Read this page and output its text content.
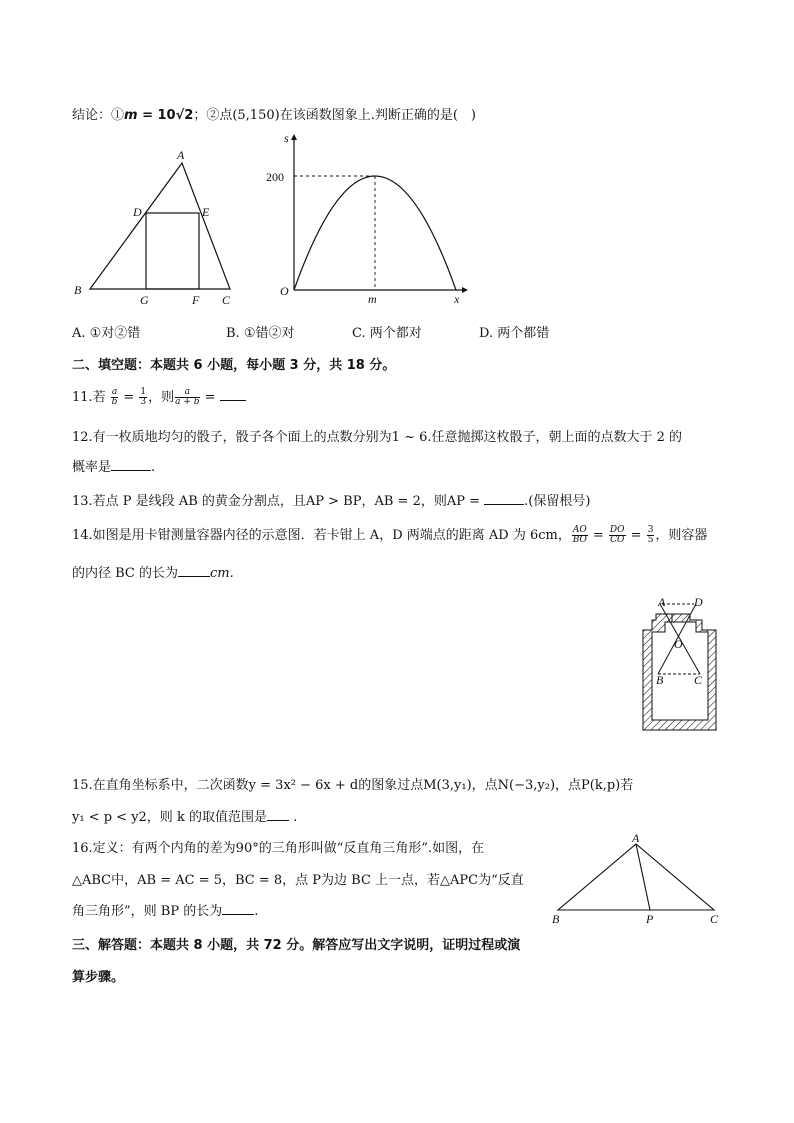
结论：①m = 10√2；②点(5,150)在该函数图象上.判断正确的是(　)
A
B
C
D	E
F
G
s
200
O
m	x
A. ①对②错	B. ①错②对	C. 两个都对	D. 两个都错
二、填空题：本题共 6 小题，每小题 3 分，共 18 分。
11.若 $\frac{a}{b} = \frac{1}{3}$ ，则 $\frac{a}{a + b}$ =
12.有一枚质地均匀的骰子，骰子各个面上的点数分别为1 ~ 6.任意抛掷这枚骰子，朝上面的点数大于 2 的
概率是	.
13.若点 P 是线段 AB 的黄金分割点，且AP > BP，AB = 2，则AP =	.(保留根号)
14.如图是用卡钳测量容器内径的示意图．若卡钳上 A，D 两端点的距离 AD 为 6cm， $\frac{AO}{BO} = \frac{DO}{CO} = \frac{3}{5}$ ，则容器
的内径 BC 的长为 cm.
A D
O
B	C
15.在直角坐标系中，二次函数y = 3x² − 6x + d的图象过点M(3,y₁)，点N(−3,y₂)，点P(k,p)若
y₁ < p < y2，则 k 的取值范围是 .
16.定义：有两个内角的差为90°的三角形叫做“反直角三角形”.如图，在
△ABC中，AB = AC = 5，BC = 8，点 P为边 BC 上一点，若△APC为“反直
角三角形”，则 BP 的长为 .
A
B	P	C
三、解答题：本题共 8 小题，共 72 分。解答应写出文字说明，证明过程或演
算步骤。
